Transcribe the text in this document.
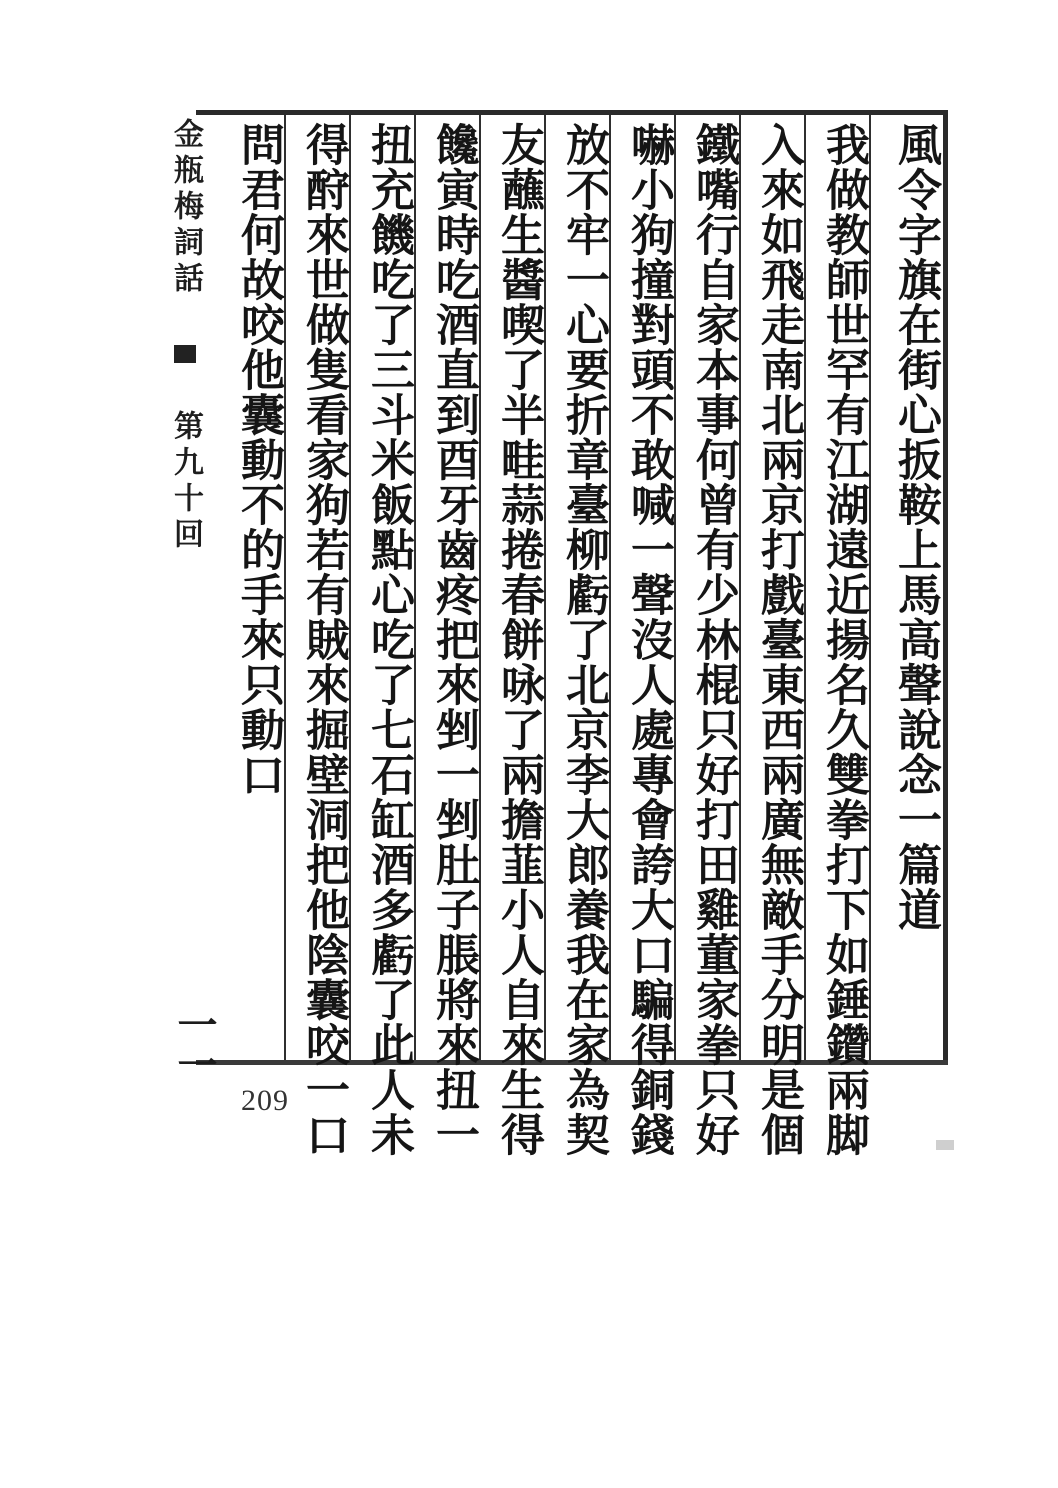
風令字旗在街心扳鞍上馬高聲說念一篇道
我做教師世罕有江湖遠近揚名久雙拳打下如錘鑽兩脚
入來如飛走南北兩京打戲臺東西兩廣無敵手分明是個
鐵嘴行自家本事何曾有少林棍只好打田雞董家拳只好
嚇小狗撞對頭不敢喊一聲沒人處專會誇大口騙得銅錢
放不牢一心要折章臺柳虧了北京李大郎養我在家為契
友蘸生醬喫了半畦蒜捲春餅咏了兩擔韮小人自來生得
饞寅時吃酒直到酉牙齒疼把來剉一剉肚子脹將來扭一
扭充饑吃了三斗米飯點心吃了七石缸酒多虧了此人未
得酧來世做隻看家狗若有賊來掘壁洞把他陰囊咬一口
問君何故咬他囊動不的手來只動口
金瓶梅詞話  第九十回
一一
209
